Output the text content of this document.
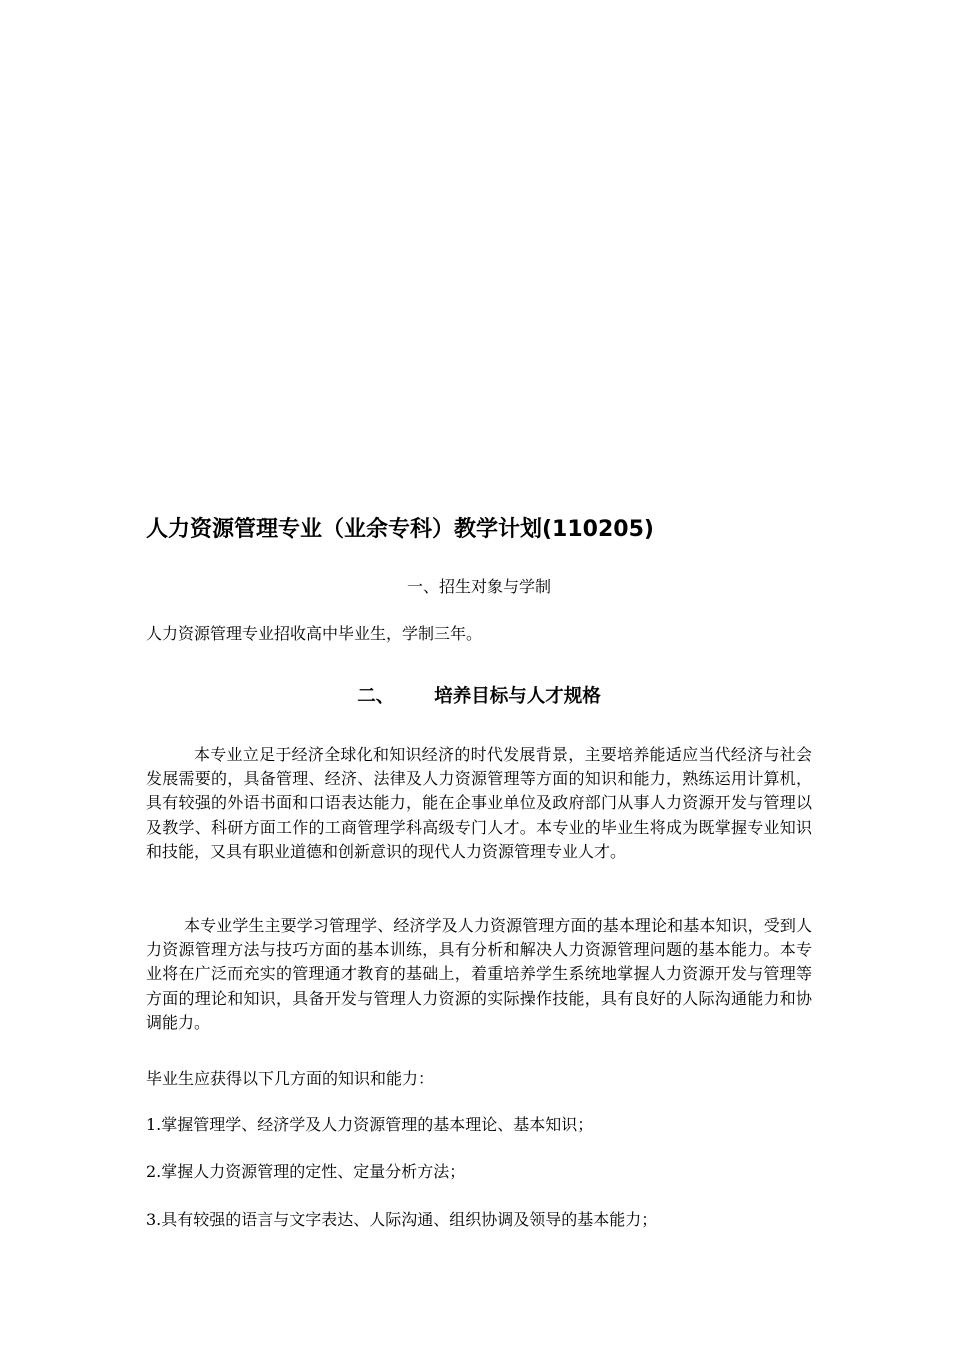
人力资源管理专业（业余专科）教学计划(110205)

一、招生对象与学制

人力资源管理专业招收高中毕业生，学制三年。

二、 培养目标与人才规格

本专业立足于经济全球化和知识经济的时代发展背景，主要培养能适应当代经济与社会发展需要的，具备管理、经济、法律及人力资源管理等方面的知识和能力，熟练运用计算机，具有较强的外语书面和口语表达能力，能在企事业单位及政府部门从事人力资源开发与管理以及教学、科研方面工作的工商管理学科高级专门人才。本专业的毕业生将成为既掌握专业知识和技能，又具有职业道德和创新意识的现代人力资源管理专业人才。

本专业学生主要学习管理学、经济学及人力资源管理方面的基本理论和基本知识，受到人力资源管理方法与技巧方面的基本训练，具有分析和解决人力资源管理问题的基本能力。本专业将在广泛而充实的管理通才教育的基础上，着重培养学生系统地掌握人力资源开发与管理等方面的理论和知识，具备开发与管理人力资源的实际操作技能，具有良好的人际沟通能力和协调能力。

毕业生应获得以下几方面的知识和能力：

1.掌握管理学、经济学及人力资源管理的基本理论、基本知识；

2.掌握人力资源管理的定性、定量分析方法；

3.具有较强的语言与文字表达、人际沟通、组织协调及领导的基本能力；
